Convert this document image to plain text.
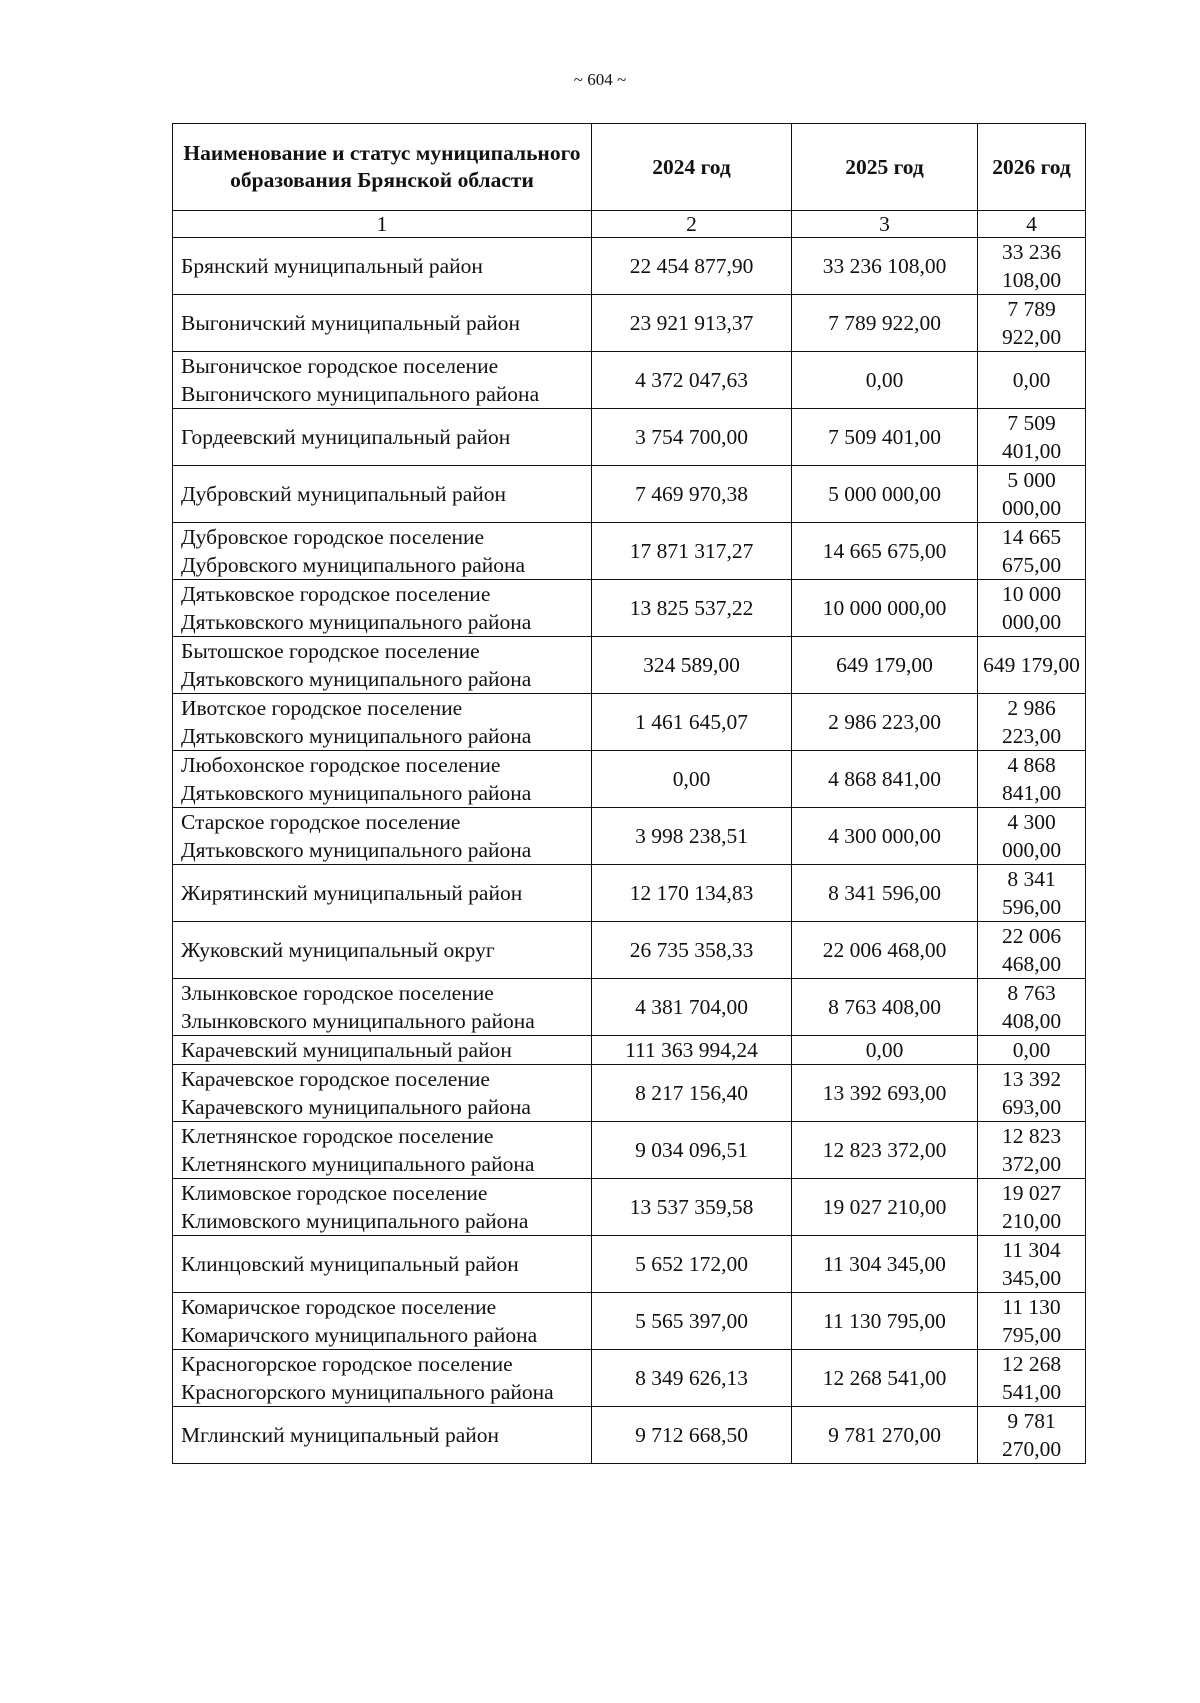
~ 604 ~
Наименование и статус муниципального образования Брянской области	2024 год	2025 год	2026 год
1	2	3	4
Брянский муниципальный район	22 454 877,90	33 236 108,00	33 236 108,00
Выгоничский муниципальный район	23 921 913,37	7 789 922,00	7 789 922,00
Выгоничское городское поселение Выгоничского муниципального района	4 372 047,63	0,00	0,00
Гордеевский муниципальный район	3 754 700,00	7 509 401,00	7 509 401,00
Дубровский муниципальный район	7 469 970,38	5 000 000,00	5 000 000,00
Дубровское городское поселение Дубровского муниципального района	17 871 317,27	14 665 675,00	14 665 675,00
Дятьковское городское поселение Дятьковского муниципального района	13 825 537,22	10 000 000,00	10 000 000,00
Бытошское городское поселение Дятьковского муниципального района	324 589,00	649 179,00	649 179,00
Ивотское городское поселение Дятьковского муниципального района	1 461 645,07	2 986 223,00	2 986 223,00
Любохонское городское поселение Дятьковского муниципального района	0,00	4 868 841,00	4 868 841,00
Старское городское поселение Дятьковского муниципального района	3 998 238,51	4 300 000,00	4 300 000,00
Жирятинский муниципальный район	12 170 134,83	8 341 596,00	8 341 596,00
Жуковский муниципальный округ	26 735 358,33	22 006 468,00	22 006 468,00
Злынковское городское поселение Злынковского муниципального района	4 381 704,00	8 763 408,00	8 763 408,00
Карачевский муниципальный район	111 363 994,24	0,00	0,00
Карачевское городское поселение Карачевского муниципального района	8 217 156,40	13 392 693,00	13 392 693,00
Клетнянское городское поселение Клетнянского муниципального района	9 034 096,51	12 823 372,00	12 823 372,00
Климовское городское поселение Климовского муниципального района	13 537 359,58	19 027 210,00	19 027 210,00
Клинцовский муниципальный район	5 652 172,00	11 304 345,00	11 304 345,00
Комаричское городское поселение Комаричского муниципального района	5 565 397,00	11 130 795,00	11 130 795,00
Красногорское городское поселение Красногорского муниципального района	8 349 626,13	12 268 541,00	12 268 541,00
Мглинский муниципальный район	9 712 668,50	9 781 270,00	9 781 270,00
